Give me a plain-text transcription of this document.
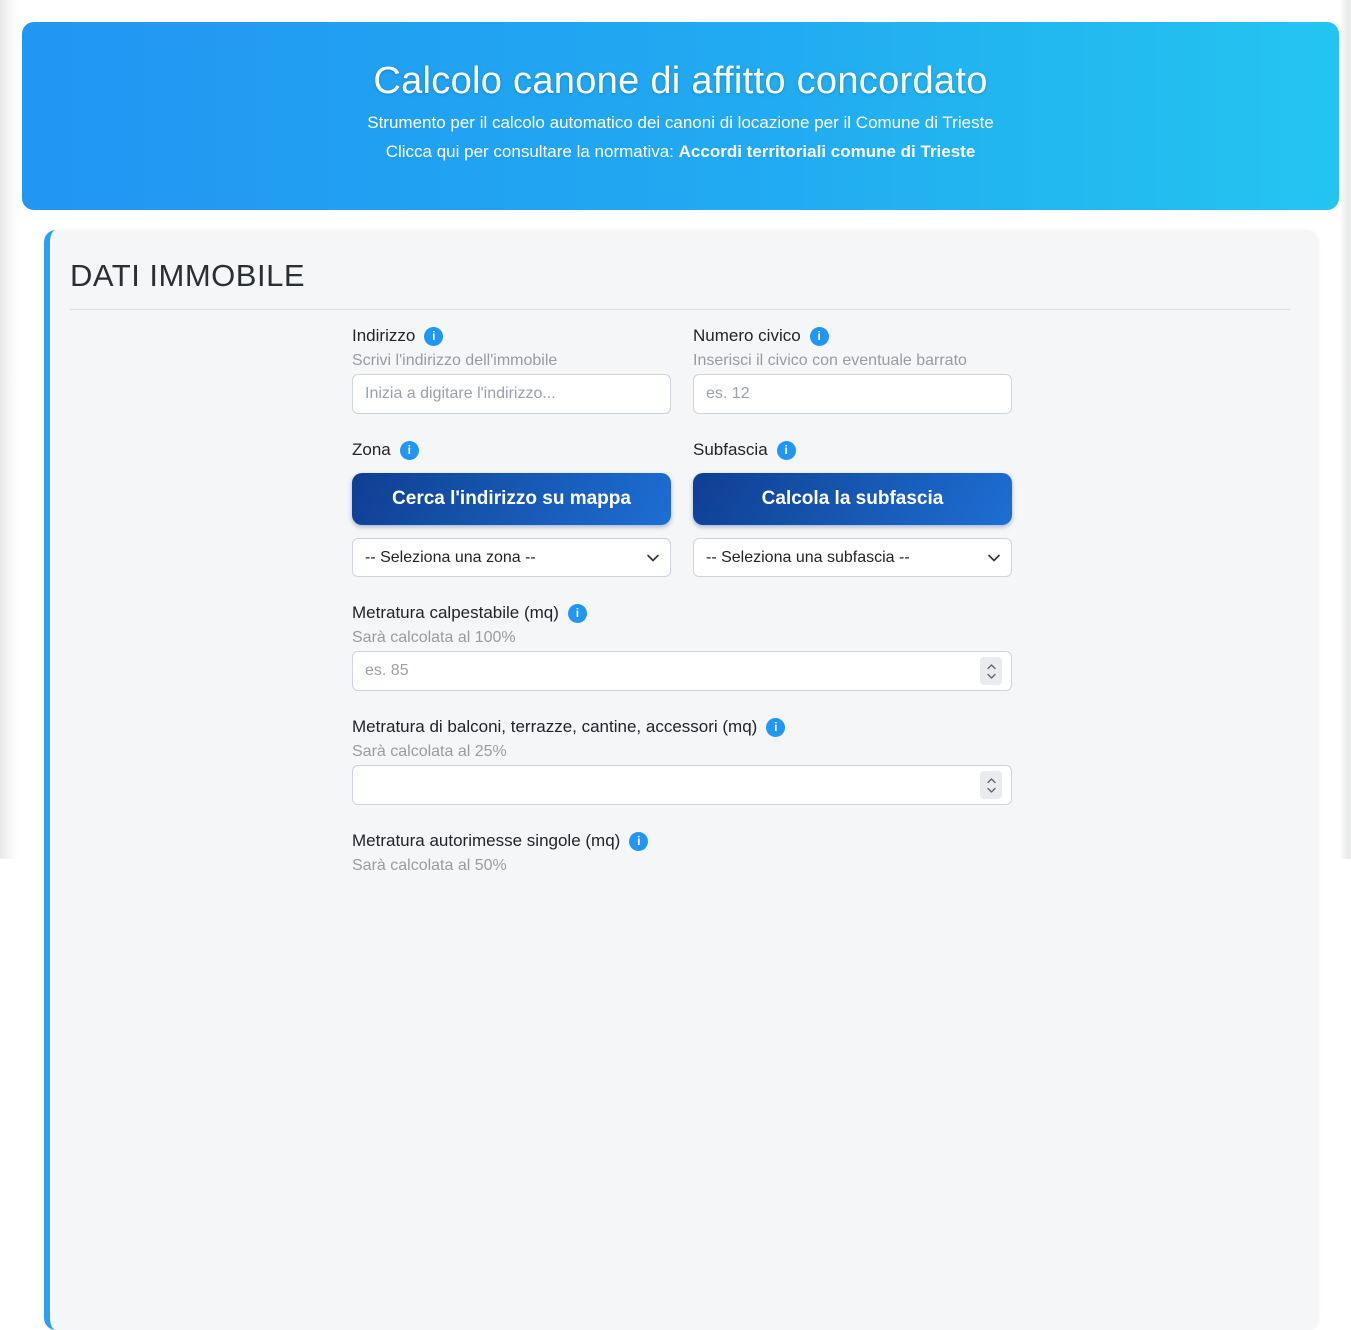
Calcolo canone di affitto concordato

Strumento per il calcolo automatico dei canoni di locazione per il Comune di Trieste

Clicca qui per consultare la normativa: Accordi territoriali comune di Trieste

DATI IMMOBILE
Indirizzo	i
Scrivi l'indirizzo dell'immobile
Inizia a digitare l'indirizzo...
Numero civico	i
Inserisci il civico con eventuale barrato
es. 12
Zona	i
Cerca l'indirizzo su mappa
-- Seleziona una zona --
Subfascia	i
Calcola la subfascia
-- Seleziona una subfascia --
Metratura calpestabile (mq)	i
Sarà calcolata al 100%
es. 85
Metratura di balconi, terrazze, cantine, accessori (mq)	i
Sarà calcolata al 25%
Metratura autorimesse singole (mq)	i
Sarà calcolata al 50%
